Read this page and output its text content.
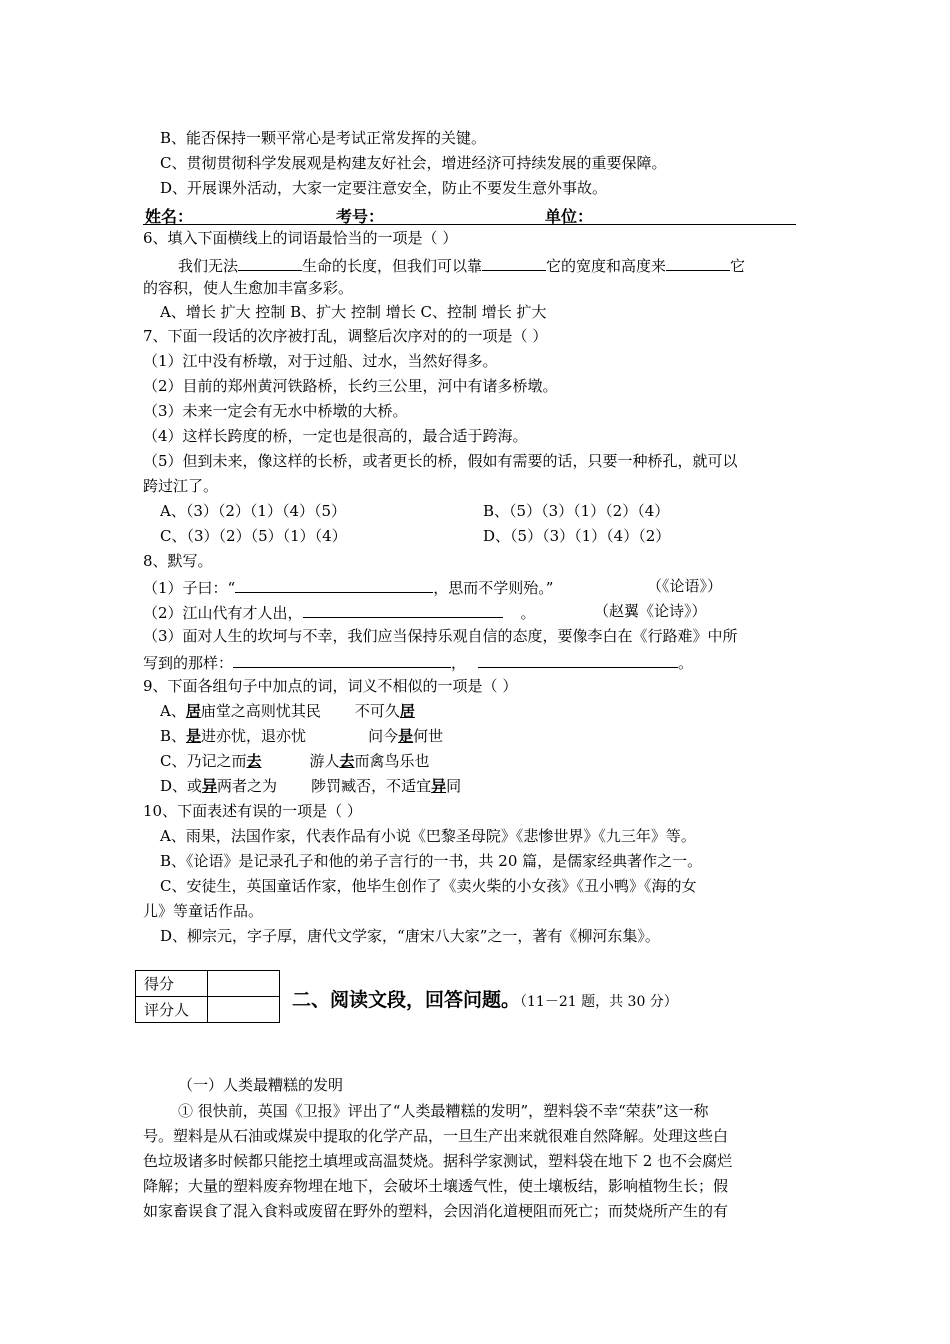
B、能否保持一颗平常心是考试正常发挥的关键。
C、贯彻贯彻科学发展观是构建友好社会，增进经济可持续发展的重要保障。
D、开展课外活动，大家一定要注意安全，防止不要发生意外事故。
姓名：	考号：	单位：
6、填入下面横线上的词语最恰当的一项是（ ）
我们无法	生命的长度，但我们可以靠	它的宽度和高度来	它
的容积，使人生愈加丰富多彩。
A、增长 扩大 控制 B、扩大 控制 增长 C、控制 增长 扩大
7、下面一段话的次序被打乱，调整后次序对的的一项是（ ）
（1）江中没有桥墩，对于过船、过水，当然好得多。
（2）目前的郑州黄河铁路桥，长约三公里，河中有诸多桥墩。
（3）未来一定会有无水中桥墩的大桥。
（4）这样长跨度的桥，一定也是很高的，最合适于跨海。
（5）但到未来，像这样的长桥，或者更长的桥，假如有需要的话，只要一种桥孔，就可以
跨过江了。
A、（3）（2）（1）（4）（5）	B、（5）（3）（1）（2）（4）
C、（3）（2）（5）（1）（4）	D、（5）（3）（1）（4）（2）
8、默写。
（1）子曰：“	，思而不学则殆。”	（《论语》）
（2）江山代有才人出，	。	（赵翼《论诗》）
（3）面对人生的坎坷与不幸，我们应当保持乐观自信的态度，要像李白在《行路难》中所
写到的那样：	，	。
9、下面各组句子中加点的词，词义不相似的一项是（ ）
A、居庙堂之高则忧其民 不可久居
B、是进亦忧，退亦忧	问今是何世
C、乃记之而去	游人去而禽鸟乐也
D、或异两者之为 陟罚臧否，不适宜异同
10、下面表述有误的一项是（ ）
A、雨果，法国作家，代表作品有小说《巴黎圣母院》《悲惨世界》《九三年》等。
B、《论语》是记录孔子和他的弟子言行的一书，共 20 篇，是儒家经典著作之一。
C、安徒生，英国童话作家，他毕生创作了《卖火柴的小女孩》《丑小鸭》《海的女
儿》等童话作品。
D、柳宗元，字子厚，唐代文学家，“唐宋八大家”之一，著有《柳河东集》。
得分	
评分人		二、阅读文段，回答问题。（11－21 题，共 30 分）
（一）人类最糟糕的发明
① 很快前，英国《卫报》评出了“人类最糟糕的发明”，塑料袋不幸“荣获”这一称
号。塑料是从石油或煤炭中提取的化学产品，一旦生产出来就很难自然降解。处理这些白
色垃圾诸多时候都只能挖土填埋或高温焚烧。据科学家测试，塑料袋在地下 2 也不会腐烂
降解；大量的塑料废弃物埋在地下，会破坏土壤透气性，使土壤板结，影响植物生长；假
如家畜误食了混入食料或废留在野外的塑料，会因消化道梗阻而死亡；而焚烧所产生的有
